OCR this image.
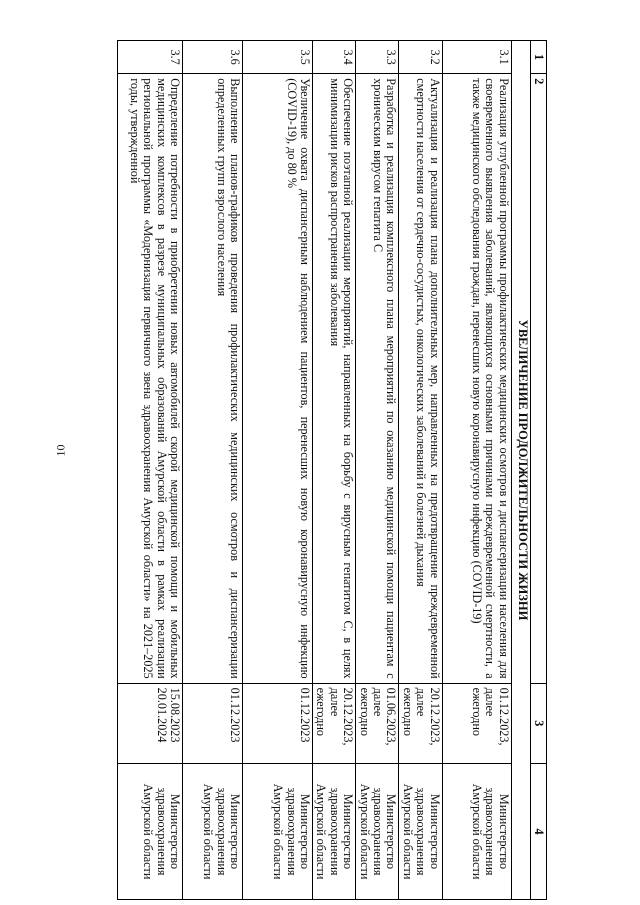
10
1	2	3	4
УВЕЛИЧЕНИЕ ПРОДОЛЖИТЕЛЬНОСТИ ЖИЗНИ			
3.1	Реализация углубленной программы профилактических медицинских осмотров и диспансеризации населения для своевременного выявления заболеваний, являющихся основными причинами преждевременной смертности, а также медицинского обследования граждан, перенесших новую коронавирусную инфекцию (COVID-19)	01.12.2023, далее ежегодно	Министерство здравоохранения Амурской области
3.2	Актуализация и реализация плана дополнительных мер, направленных на предотвращение преждевременной смертности населения от сердечно-сосудистых, онкологических заболеваний и болезней дыхания	20.12.2023, далее ежегодно	Министерство здравоохранения Амурской области
3.3	Разработка и реализация комплексного плана мероприятий по оказанию медицинской помощи пациентам с хроническим вирусом гепатита С	01.06.2023, далее ежегодно	Министерство здравоохранения Амурской области
3.4	Обеспечение поэтапной реализации мероприятий, направленных на борьбу с вирусным гепатитом С, в целях минимизации рисков распространения заболевания	20.12.2023, далее ежегодно	Министерство здравоохранения Амурской области
3.5	Увеличение охвата диспансерным наблюдением пациентов, перенесших новую коронавирусную инфекцию (COVID-19), до 80 %	01.12.2023	Министерство здравоохранения Амурской области
3.6	Выполнение планов-графиков проведения профилактических медицинских осмотров и диспансеризации определенных групп взрослого населения	01.12.2023	Министерство здравоохранения Амурской области
3.7	Определение потребности в приобретении новых автомобилей скорой медицинской помощи и мобильных медицинских комплексов в разрезе муниципальных образований Амурской области в рамках реализации региональной программы «Модернизация первичного звена здравоохранения Амурской области» на 2021–2025 годы, утвержденной	15.08.2023 20.01.2024	Министерство здравоохранения Амурской области
